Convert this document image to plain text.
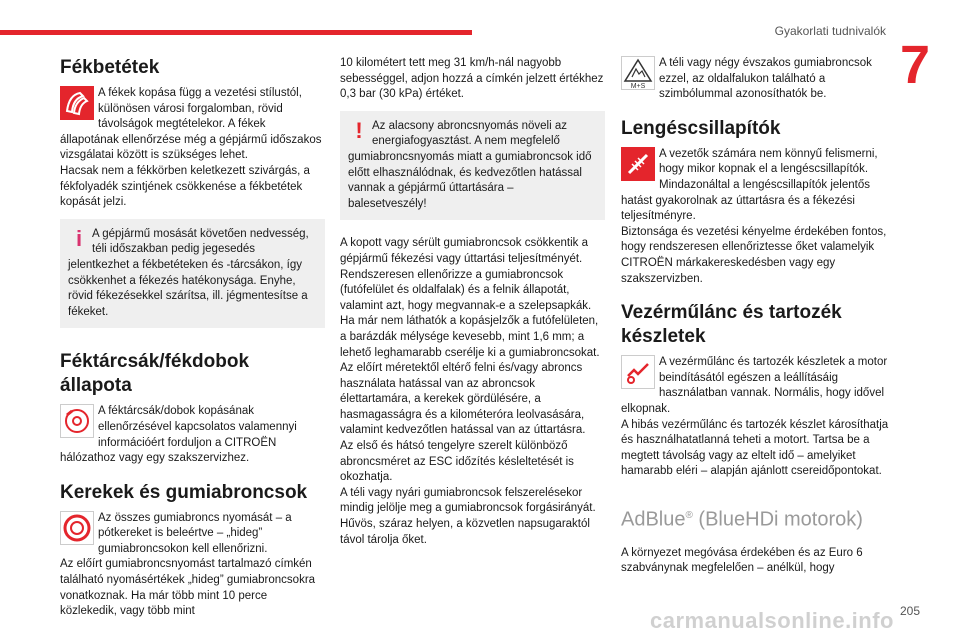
Gyakorlati tudnivalók
7
Fékbetétek

A fékek kopása függ a vezetési stílustól, különösen városi forgalomban, rövid távolságok megtételekor. A fékek állapotának ellenőrzése még a gépjármű időszakos vizsgálatai között is szükséges lehet.
Hacsak nem a fékkörben keletkezett szivárgás, a fékfolyadék szintjének csökkenése a fékbetétek kopását jelzi.

i A gépjármű mosását követően nedvesség, téli időszakban pedig jegesedés jelentkezhet a fékbetéteken és -tárcsákon, így csökkenhet a fékezés hatékonysága. Enyhe, rövid fékezésekkel szárítsa, ill. jégmentesítse a fékeket.

Féktárcsák/fékdobok állapota

A féktárcsák/dobok kopásának ellenőrzésével kapcsolatos valamennyi információért forduljon a CITROËN hálózathoz vagy egy szakszervizhez.

Kerekek és gumiabroncsok

Az összes gumiabroncs nyomását – a pótkereket is beleértve – „hideg” gumiabroncsokon kell ellenőrizni.
Az előírt gumiabroncsnyomást tartalmazó címkén található nyomásértékek „hideg” gumiabroncsokra vonatkoznak. Ha már több mint 10 perce közlekedik, vagy több mint

10 kilométert tett meg 31 km/h-nál nagyobb sebességgel, adjon hozzá a címkén jelzett értékhez 0,3 bar (30 kPa) értéket.

! Az alacsony abroncsnyomás növeli az energiafogyasztást. A nem megfelelő gumiabroncsnyomás miatt a gumiabroncsok idő előtt elhasználódnak, és kedvezőtlen hatással vannak a gépjármű úttartására – balesetveszély!

A kopott vagy sérült gumiabroncsok csökkentik a gépjármű fékezési vagy úttartási teljesítményét. Rendszeresen ellenőrizze a gumiabroncsok (futófelület és oldalfalak) és a felnik állapotát, valamint azt, hogy megvannak-e a szelepsapkák.
Ha már nem láthatók a kopásjelzők a futófelületen, a barázdák mélysége kevesebb, mint 1,6 mm; a lehető leghamarabb cserélje ki a gumiabroncsokat.
Az előírt méretektől eltérő felni és/vagy abroncs használata hatással van az abroncsok élettartamára, a kerekek gördülésére, a hasmagasságra és a kilométeróra leolvasására, valamint kedvezőtlen hatással van az úttartásra.
Az első és hátsó tengelyre szerelt különböző abroncsméret az ESC időzítés késleltetését is okozhatja.
A téli vagy nyári gumiabroncsok felszerelésekor mindig jelölje meg a gumiabroncsok forgásirányát. Hűvös, száraz helyen, a közvetlen napsugaraktól távol tárolja őket.

M+S

A téli vagy négy évszakos gumiabroncsok ezzel, az oldalfalukon található a szimbólummal azonosíthatók be.

Lengéscsillapítók

A vezetők számára nem könnyű felismerni, hogy mikor kopnak el a lengéscsillapítók. Mindazonáltal a lengéscsillapítók jelentős hatást gyakorolnak az úttartásra és a fékezési teljesítményre.
Biztonsága és vezetési kényelme érdekében fontos, hogy rendszeresen ellenőriztesse őket valamelyik CITROËN márkakereskedésben vagy egy szakszervizben.

Vezérműlánc és tartozék készletek

A vezérműlánc és tartozék készletek a motor beindításától egészen a leállításáig használatban vannak. Normális, hogy idővel elkopnak.
A hibás vezérműlánc és tartozék készlet károsíthatja és használhatatlanná teheti a motort. Tartsa be a megtett távolság vagy az eltelt idő – amelyiket hamarabb eléri – alapján ajánlott csereidőpontokat.

AdBlue® (BlueHDi motorok)

A környezet megóvása érdekében és az Euro 6 szabványnak megfelelően – anélkül, hogy

carmanualsonline.info 205
